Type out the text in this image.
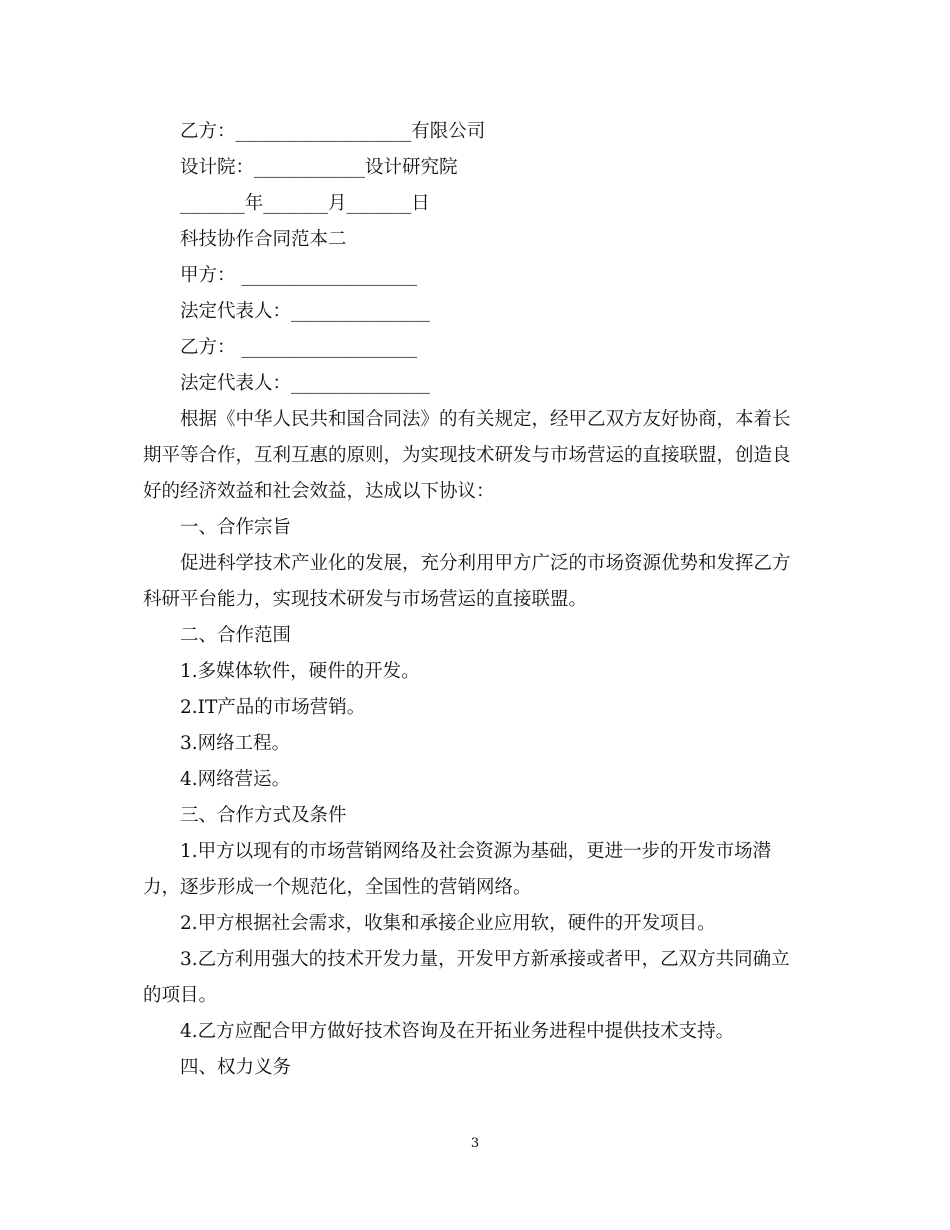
乙方：___________________有限公司
设计院：____________设计研究院
_______年_______月_______日
科技协作合同范本二
甲方： ___________________
法定代表人：_______________
乙方： ___________________
法定代表人：_______________
根据《中华人民共和国合同法》的有关规定，经甲乙双方友好协商，本着长
期平等合作，互利互惠的原则，为实现技术研发与市场营运的直接联盟，创造良
好的经济效益和社会效益，达成以下协议：
一、合作宗旨
促进科学技术产业化的发展，充分利用甲方广泛的市场资源优势和发挥乙方
科研平台能力，实现技术研发与市场营运的直接联盟。
二、合作范围
1.多媒体软件，硬件的开发。
2.IT产品的市场营销。
3.网络工程。
4.网络营运。
三、合作方式及条件
1.甲方以现有的市场营销网络及社会资源为基础，更进一步的开发市场潜
力，逐步形成一个规范化，全国性的营销网络。
2.甲方根据社会需求，收集和承接企业应用软，硬件的开发项目。
3.乙方利用强大的技术开发力量，开发甲方新承接或者甲，乙双方共同确立
的项目。
4.乙方应配合甲方做好技术咨询及在开拓业务进程中提供技术支持。
四、权力义务
3
